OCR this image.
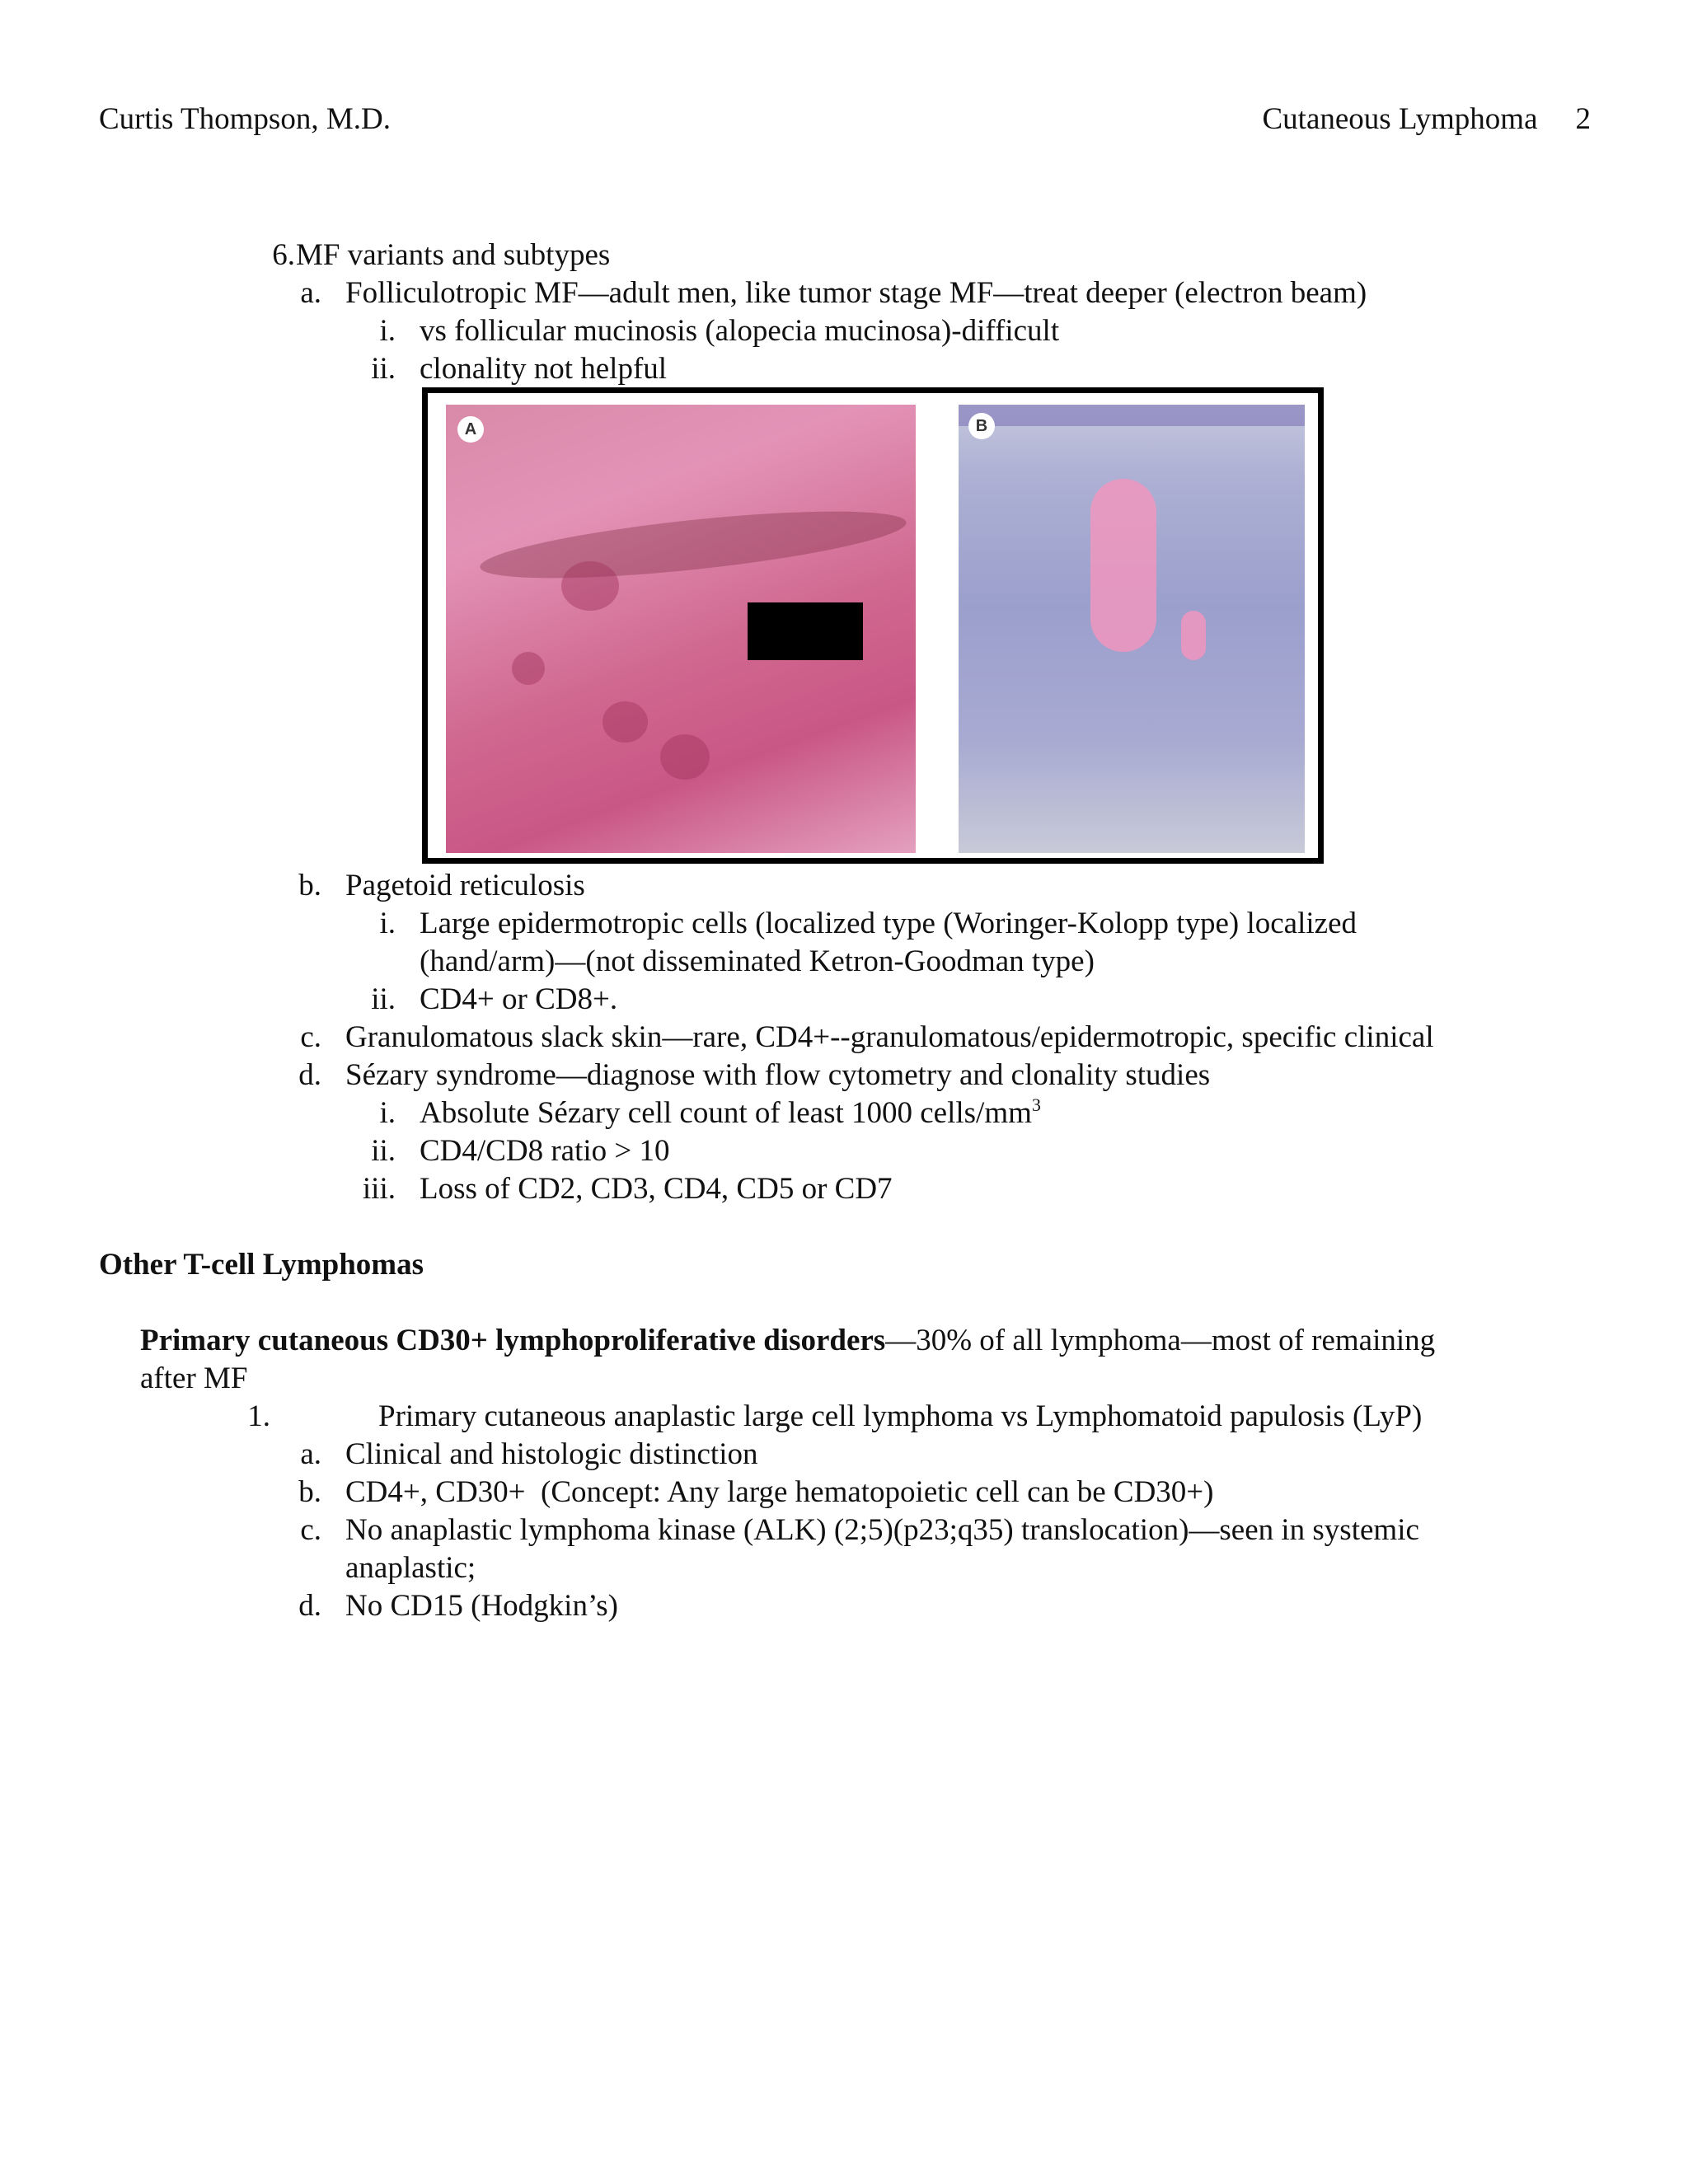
Curtis Thompson, M.D.	Cutaneous Lymphoma 2
6. MF variants and subtypes
a. Folliculotropic MF—adult men, like tumor stage MF—treat deeper (electron beam)
i. vs follicular mucinosis (alopecia mucinosa)-difficult
ii. clonality not helpful
A	B
b. Pagetoid reticulosis
i. Large epidermotropic cells (localized type (Woringer-Kolopp type) localized
(hand/arm)—(not disseminated Ketron-Goodman type)
ii. CD4+ or CD8+.
c. Granulomatous slack skin—rare, CD4+--granulomatous/epidermotropic, specific clinical
d. Sézary syndrome—diagnose with flow cytometry and clonality studies
i. Absolute Sézary cell count of least 1000 cells/$mm^3$
ii. CD4/CD8 ratio > 10
iii. Loss of CD2, CD3, CD4, CD5 or CD7
Other T-cell Lymphomas
Primary cutaneous CD30+ lymphoproliferative disorders—30% of all lymphoma—most of remaining
after MF
1.	Primary cutaneous anaplastic large cell lymphoma vs Lymphomatoid papulosis (LyP)
a. Clinical and histologic distinction
b. CD4+, CD30+  (Concept: Any large hematopoietic cell can be CD30+)
c. No anaplastic lymphoma kinase (ALK) (2;5)(p23;q35) translocation)—seen in systemic
anaplastic;
d. No CD15 (Hodgkin’s)
